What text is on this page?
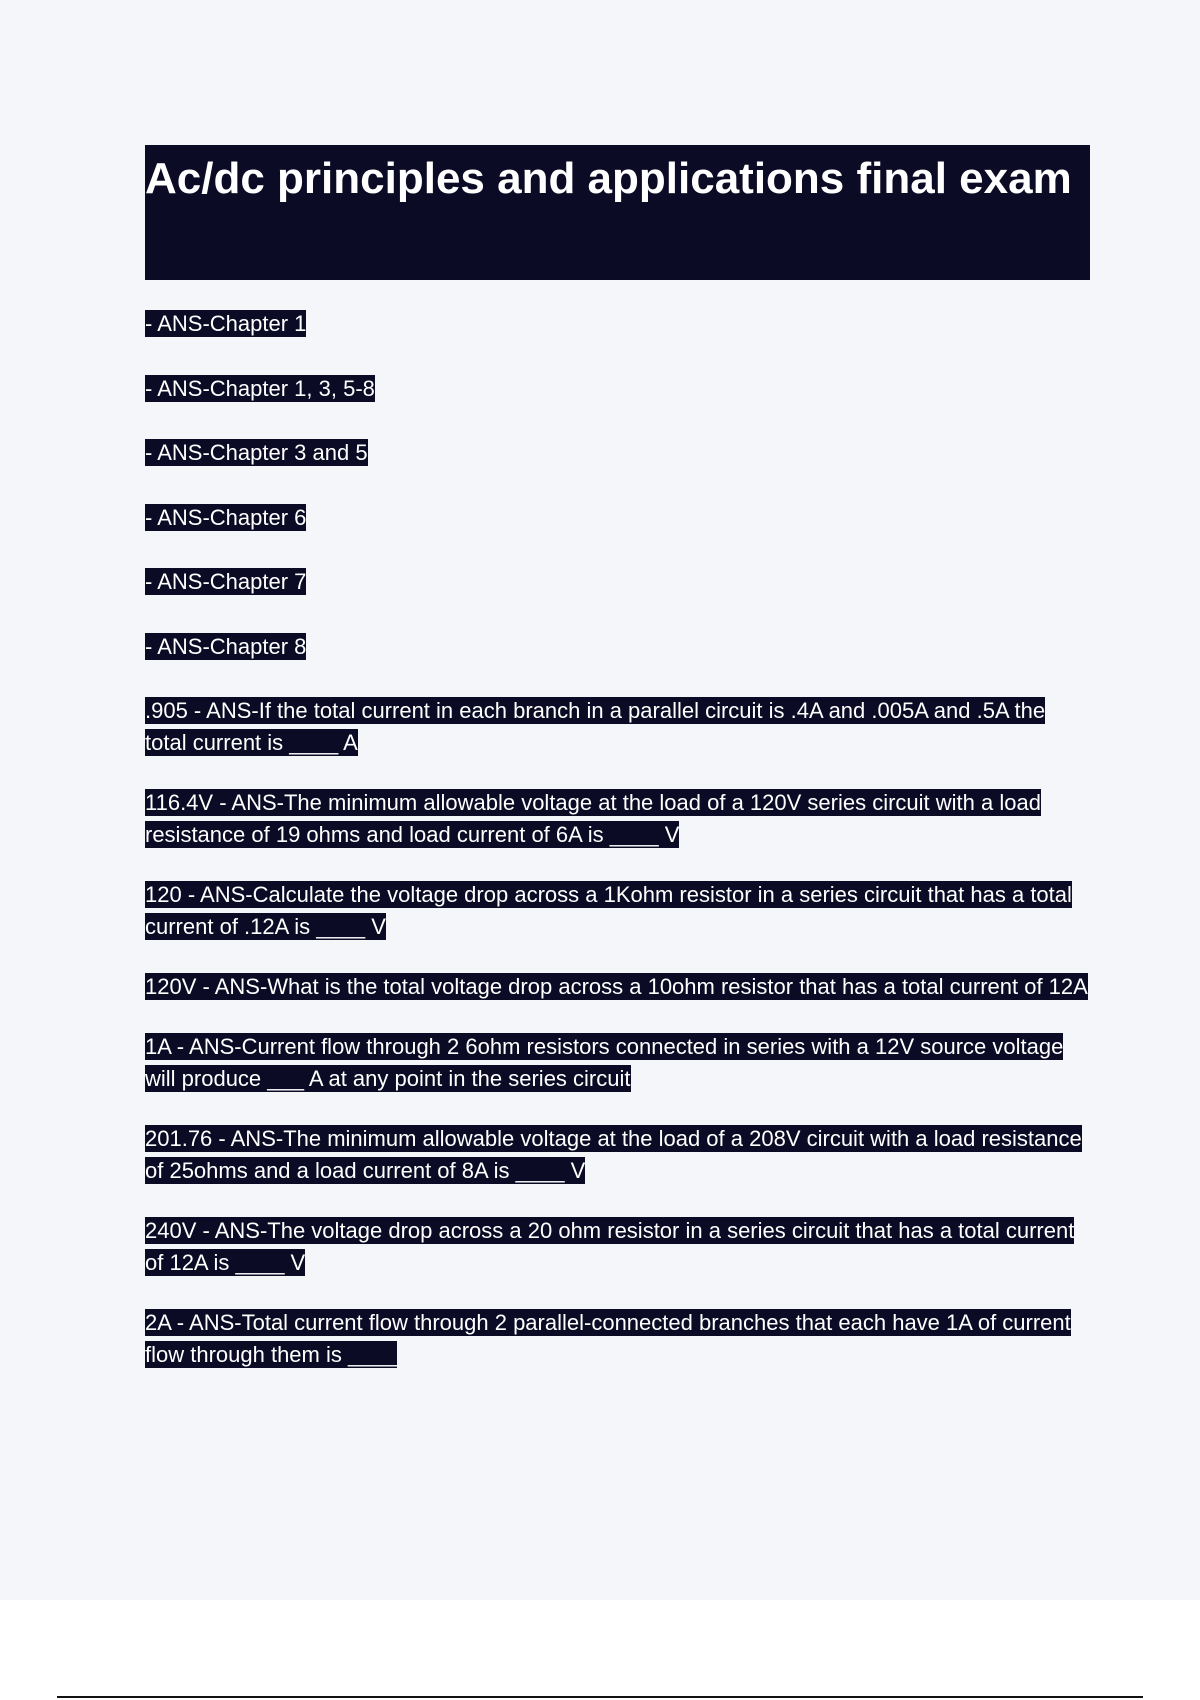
Ac/dc principles and applications final exam
- ANS-Chapter 1
- ANS-Chapter 1, 3, 5-8
- ANS-Chapter 3 and 5
- ANS-Chapter 6
- ANS-Chapter 7
- ANS-Chapter 8
.905 - ANS-If the total current in each branch in a parallel circuit is .4A and .005A and .5A the total current is ____ A
116.4V - ANS-The minimum allowable voltage at the load of a 120V series circuit with a load resistance of 19 ohms and load current of 6A is ____ V
120 - ANS-Calculate the voltage drop across a 1Kohm resistor in a series circuit that has a total current of .12A is ____ V
120V - ANS-What is the total voltage drop across a 10ohm resistor that has a total current of 12A
1A - ANS-Current flow through 2 6ohm resistors connected in series with a 12V source voltage will produce ___ A at any point in the series circuit
201.76 - ANS-The minimum allowable voltage at the load of a 208V circuit with a load resistance of 25ohms and a load current of 8A is ____ V
240V - ANS-The voltage drop across a 20 ohm resistor in a series circuit that has a total current of 12A is ____ V
2A - ANS-Total current flow through 2 parallel-connected branches that each have 1A of current flow through them is ____
